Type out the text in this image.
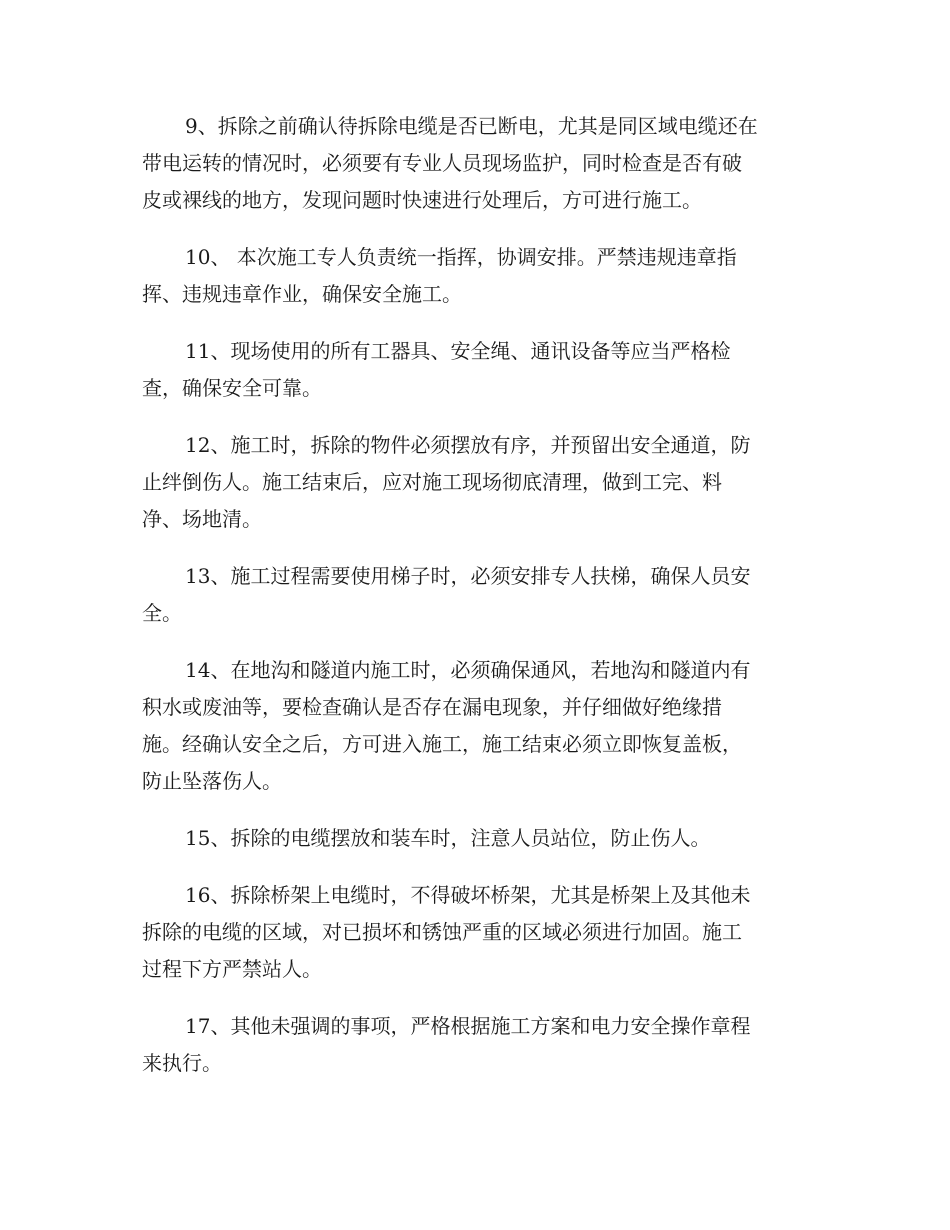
9、拆除之前确认待拆除电缆是否已断电，尤其是同区域电缆还在
带电运转的情况时，必须要有专业人员现场监护，同时检查是否有破
皮或裸线的地方，发现问题时快速进行处理后，方可进行施工。
10、 本次施工专人负责统一指挥，协调安排。严禁违规违章指
挥、违规违章作业，确保安全施工。
11、现场使用的所有工器具、安全绳、通讯设备等应当严格检
查，确保安全可靠。
12、施工时，拆除的物件必须摆放有序，并预留出安全通道，防
止绊倒伤人。施工结束后，应对施工现场彻底清理，做到工完、料
净、场地清。
13、施工过程需要使用梯子时，必须安排专人扶梯，确保人员安
全。
14、在地沟和隧道内施工时，必须确保通风，若地沟和隧道内有
积水或废油等，要检查确认是否存在漏电现象，并仔细做好绝缘措
施。经确认安全之后，方可进入施工，施工结束必须立即恢复盖板，
防止坠落伤人。
15、拆除的电缆摆放和装车时，注意人员站位，防止伤人。
16、拆除桥架上电缆时，不得破坏桥架，尤其是桥架上及其他未
拆除的电缆的区域，对已损坏和锈蚀严重的区域必须进行加固。施工
过程下方严禁站人。
17、其他未强调的事项，严格根据施工方案和电力安全操作章程
来执行。
